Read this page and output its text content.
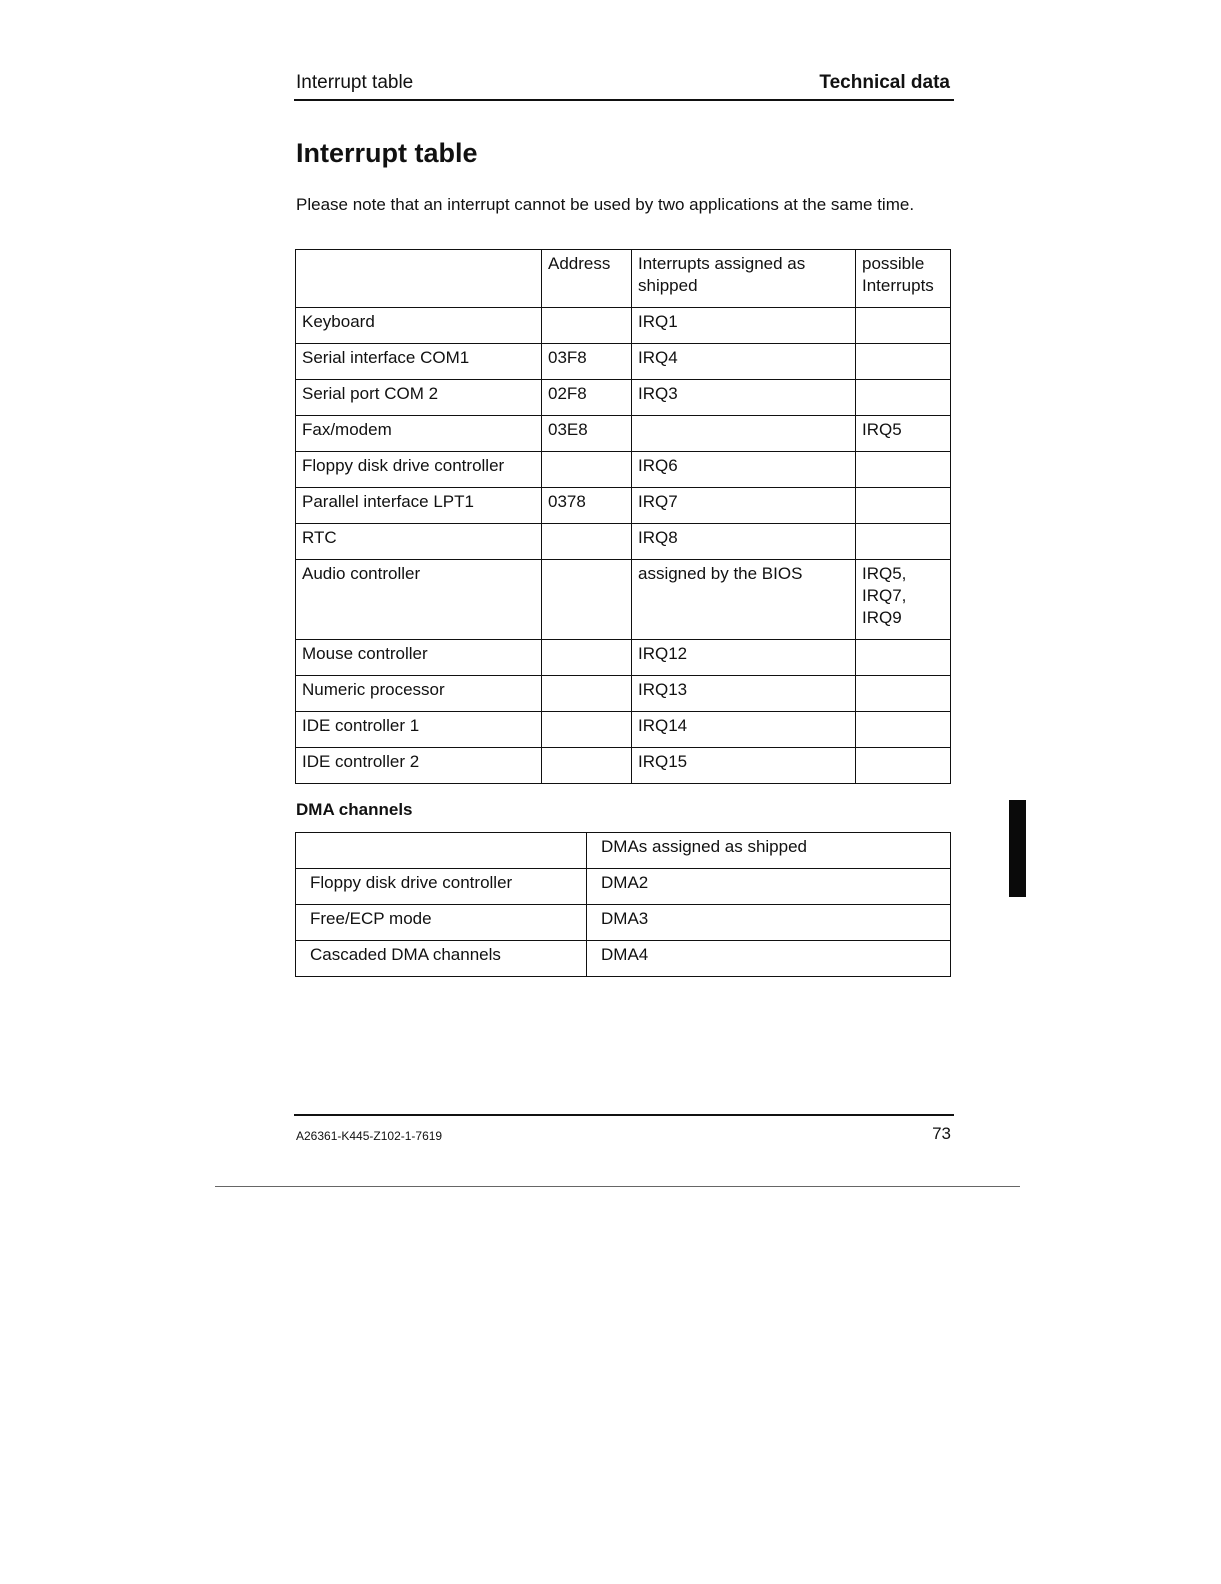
Interrupt table	Technical data
Interrupt table

Please note that an interrupt cannot be used by two applications at the same time.

	Address	Interrupts assigned as shipped	possible Interrupts
Keyboard		IRQ1	
Serial interface COM1	03F8	IRQ4	
Serial port COM 2	02F8	IRQ3	
Fax/modem	03E8		IRQ5
Floppy disk drive controller		IRQ6	
Parallel interface LPT1	0378	IRQ7	
RTC		IRQ8	
Audio controller		assigned by the BIOS	IRQ5, IRQ7, IRQ9
Mouse controller		IRQ12	
Numeric processor		IRQ13	
IDE controller 1		IRQ14	
IDE controller 2		IRQ15	
DMA channels
	DMAs assigned as shipped
Floppy disk drive controller	DMA2
Free/ECP mode	DMA3
Cascaded DMA channels	DMA4
A26361-K445-Z102-1-7619	73
